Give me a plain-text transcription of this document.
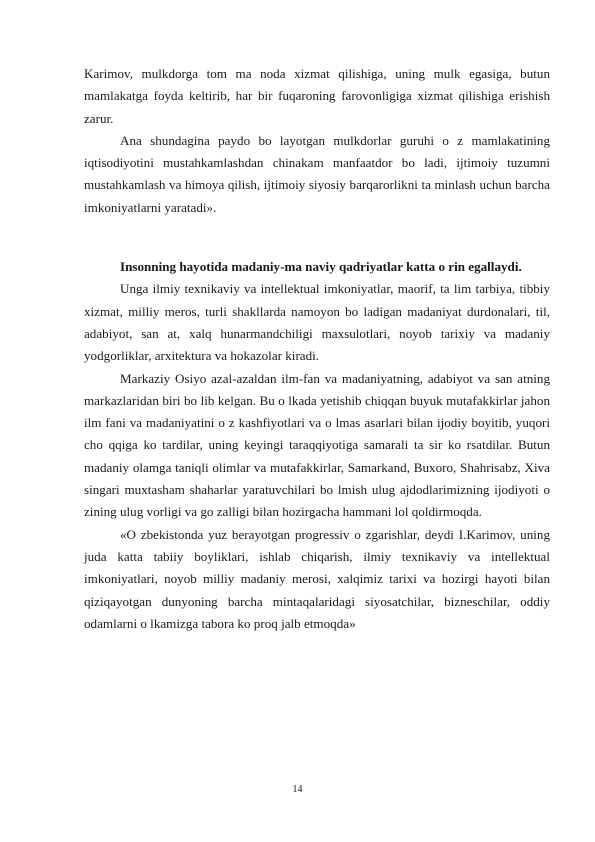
Karimov, mulkdorga tom ma noda xizmat qilishiga, uning mulk egasiga, butun mamlakatga foyda keltirib, har bir fuqaroning farovonligiga xizmat qilishiga erishish zarur.

Ana shundagina paydo bo layotgan mulkdorlar guruhi o z mamlakatining iqtisodiyotini mustahkamlashdan chinakam manfaatdor bo ladi, ijtimoiy tuzumni mustahkamlash va himoya qilish, ijtimoiy siyosiy barqarorlikni ta minlash uchun barcha imkoniyatlarni yaratadi».

Insonning hayotida madaniy-ma naviy qadriyatlar katta o rin egallaydi.

Unga ilmiy texnikaviy va intellektual imkoniyatlar, maorif, ta lim tarbiya, tibbiy xizmat, milliy meros, turli shakllarda namoyon bo ladigan madaniyat durdonalari, til, adabiyot, san at, xalq hunarmandchiligi maxsulotlari, noyob tarixiy va madaniy yodgorliklar, arxitektura va hokazolar kiradi.

Markaziy Osiyo azal-azaldan ilm-fan va madaniyatning, adabiyot va san atning markazlaridan biri bo lib kelgan. Bu o lkada yetishib chiqqan buyuk mutafakkirlar jahon ilm fani va madaniyatini o z kashfiyotlari va o lmas asarlari bilan ijodiy boyitib, yuqori cho qqiga ko tardilar, uning keyingi taraqqiyotiga samarali ta sir ko rsatdilar. Butun madaniy olamga taniqli olimlar va mutafakkirlar, Samarkand, Buxoro, Shahrisabz, Xiva singari muxtasham shaharlar yaratuvchilari bo lmish ulug ajdodlarimizning ijodiyoti o zining ulug vorligi va go zalligi bilan hozirgacha hammani lol qoldirmoqda.

«O zbekistonda yuz berayotgan progressiv o zgarishlar, deydi I.Karimov, uning juda katta tabiiy boyliklari, ishlab chiqarish, ilmiy texnikaviy va intellektual imkoniyatlari, noyob milliy madaniy merosi, xalqimiz tarixi va hozirgi hayoti bilan qiziqayotgan dunyoning barcha mintaqalaridagi siyosatchilar, bizneschilar, oddiy odamlarni o lkamizga tabora ko proq jalb etmoqda»

14
